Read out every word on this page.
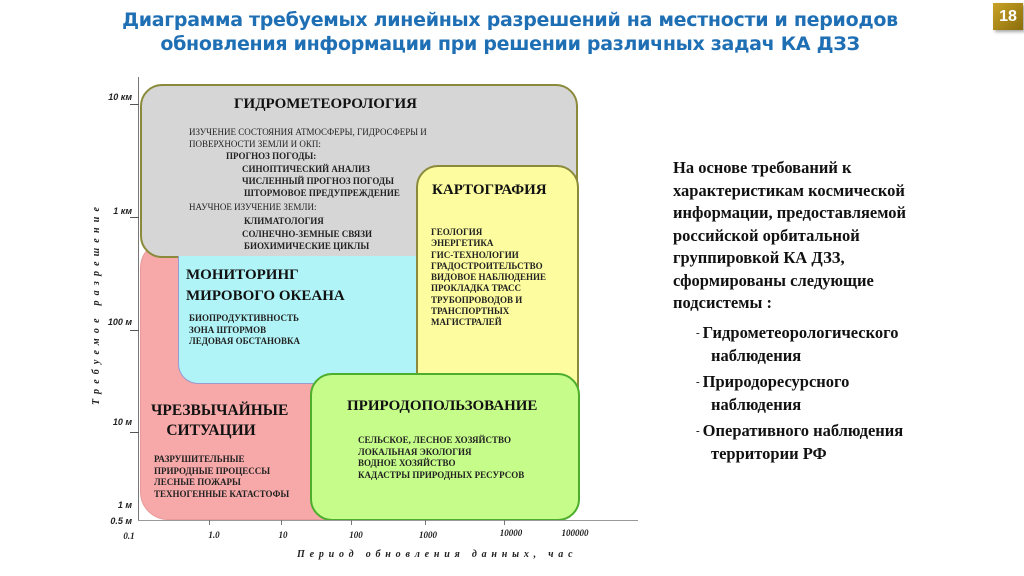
Диаграмма требуемых линейных разрешений на местности и периодов
обновления информации при решении различных задач КА ДЗЗ
18
ЧРЕЗВЫЧАЙНЫЕ
СИТУАЦИИ
РАЗРУШИТЕЛЬНЫЕ
ПРИРОДНЫЕ ПРОЦЕССЫ
ЛЕСНЫЕ ПОЖАРЫ
ТЕХНОГЕННЫЕ КАТАСТОФЫ
ГИДРОМЕТЕОРОЛОГИЯ
ИЗУЧЕНИЕ СОСТОЯНИЯ АТМОСФЕРЫ, ГИДРОСФЕРЫ И
ПОВЕРХНОСТИ ЗЕМЛИ И ОКП:
ПРОГНОЗ ПОГОДЫ:
СИНОПТИЧЕСКИЙ АНАЛИЗ
ЧИСЛЕННЫЙ ПРОГНОЗ ПОГОДЫ
ШТОРМОВОЕ ПРЕДУПРЕЖДЕНИЕ
НАУЧНОЕ ИЗУЧЕНИЕ ЗЕМЛИ:
КЛИМАТОЛОГИЯ
СОЛНЕЧНО-ЗЕМНЫЕ СВЯЗИ
БИОХИМИЧЕСКИЕ ЦИКЛЫ
МОНИТОРИНГ
МИРОВОГО ОКЕАНА
БИОПРОДУКТИВНОСТЬ
ЗОНА ШТОРМОВ
ЛЕДОВАЯ ОБСТАНОВКА
КАРТОГРАФИЯ
ГЕОЛОГИЯ
ЭНЕРГЕТИКА
ГИС-ТЕХНОЛОГИИ
ГРАДОСТРОИТЕЛЬСТВО
ВИДОВОЕ НАБЛЮДЕНИЕ
ПРОКЛАДКА ТРАСС
ТРУБОПРОВОДОВ И
ТРАНСПОРТНЫХ
МАГИСТРАЛЕЙ
ПРИРОДОПОЛЬЗОВАНИЕ
СЕЛЬСКОЕ, ЛЕСНОЕ ХОЗЯЙСТВО
ЛОКАЛЬНАЯ ЭКОЛОГИЯ
ВОДНОЕ ХОЗЯЙСТВО
КАДАСТРЫ ПРИРОДНЫХ РЕСУРСОВ
10 км
1 км
100 м
10 м
1 м
0.5 м
0.1	1.0	10	100	1000	10000	100000
Требуемое разрешение
Период обновления данных, час
На основе требований к
характеристикам космической
информации, предоставляемой
российской орбитальной
группировкой КА ДЗЗ,
сформированы следующие
подсистемы :
- Гидрометеорологического
наблюдения
- Природоресурсного
наблюдения
- Оперативного наблюдения
территории РФ
